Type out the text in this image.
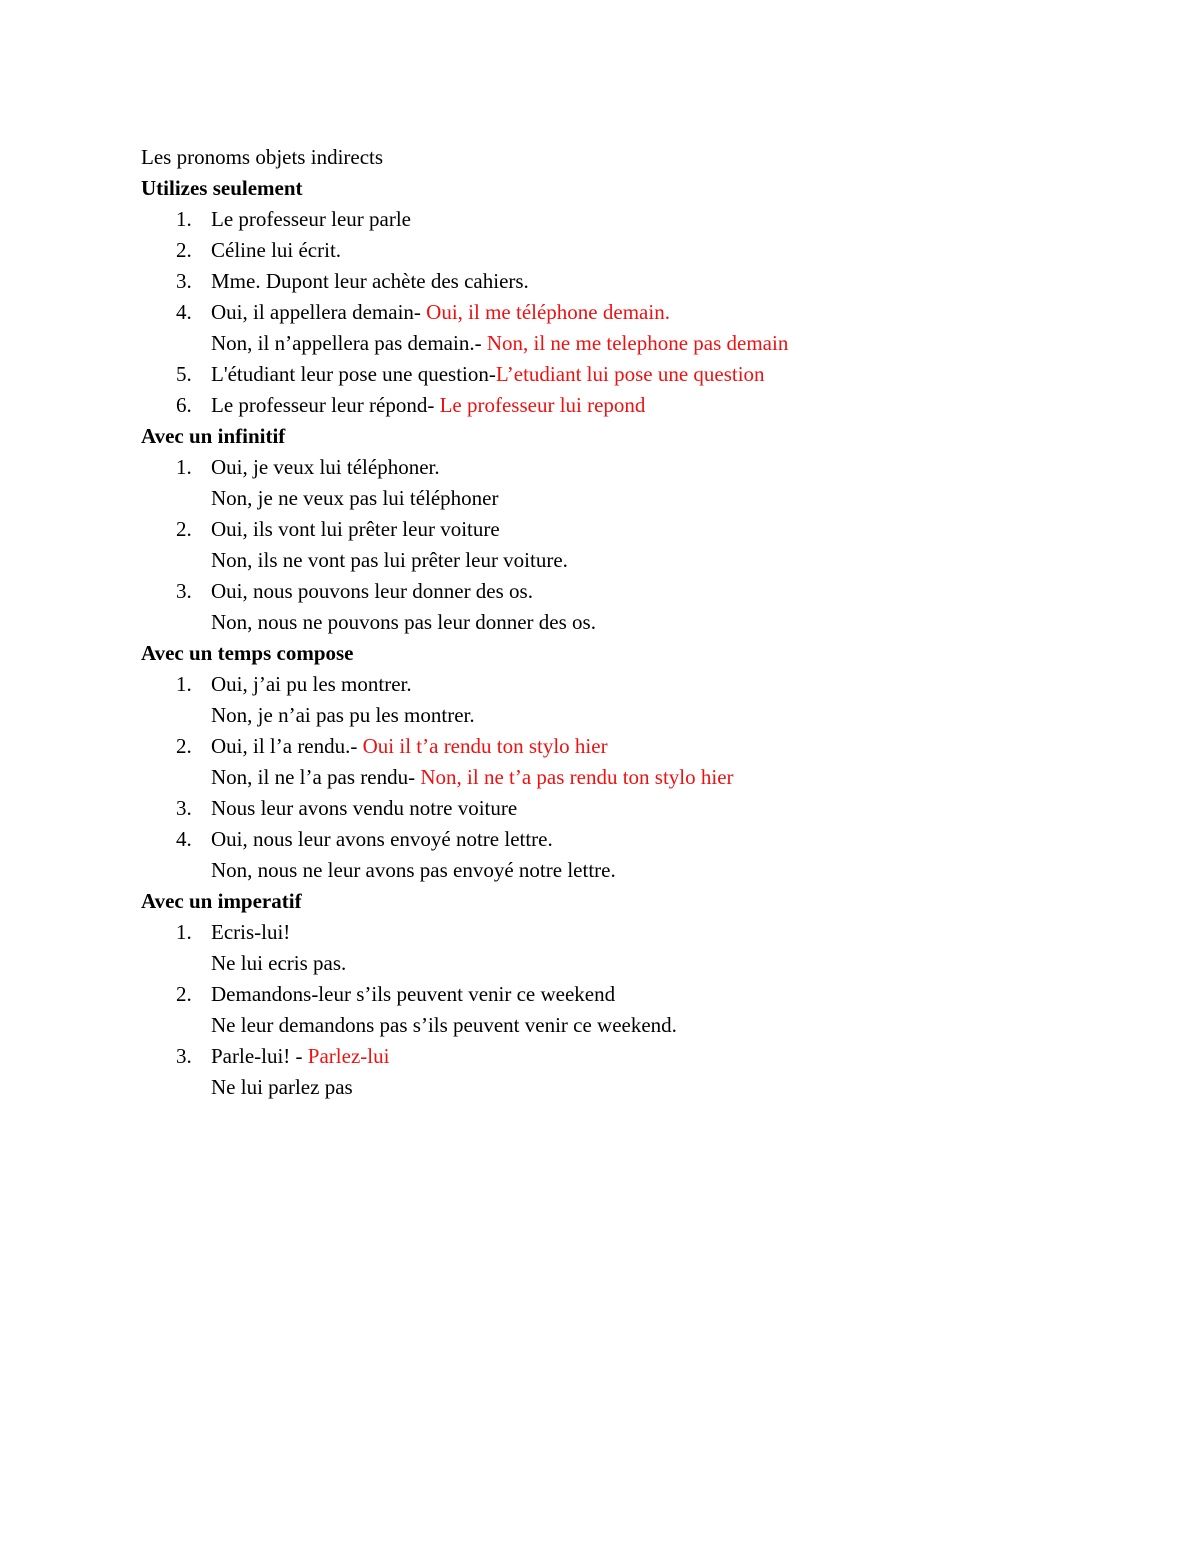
Les pronoms objets indirects
Utilizes seulement
1. Le professeur leur parle
2. Céline lui écrit.
3. Mme. Dupont leur achète des cahiers.
4. Oui, il appellera demain- Oui, il me téléphone demain.
Non, il n’appellera pas demain.- Non, il ne me telephone pas demain
5. L'étudiant leur pose une question-L’etudiant lui pose une question
6. Le professeur leur répond- Le professeur lui repond
Avec un infinitif
1. Oui, je veux lui téléphoner.
Non, je ne veux pas lui téléphoner
2. Oui, ils vont lui prêter leur voiture
Non, ils ne vont pas lui prêter leur voiture.
3. Oui, nous pouvons leur donner des os.
Non, nous ne pouvons pas leur donner des os.
Avec un temps compose
1. Oui, j’ai pu les montrer.
Non, je n’ai pas pu les montrer.
2. Oui, il l’a rendu.- Oui il t’a rendu ton stylo hier
Non, il ne l’a pas rendu- Non, il ne t’a pas rendu ton stylo hier
3. Nous leur avons vendu notre voiture
4. Oui, nous leur avons envoyé notre lettre.
Non, nous ne leur avons pas envoyé notre lettre.
Avec un imperatif
1. Ecris-lui!
Ne lui ecris pas.
2. Demandons-leur s’ils peuvent venir ce weekend
Ne leur demandons pas s’ils peuvent venir ce weekend.
3. Parle-lui! - Parlez-lui
Ne lui parlez pas
